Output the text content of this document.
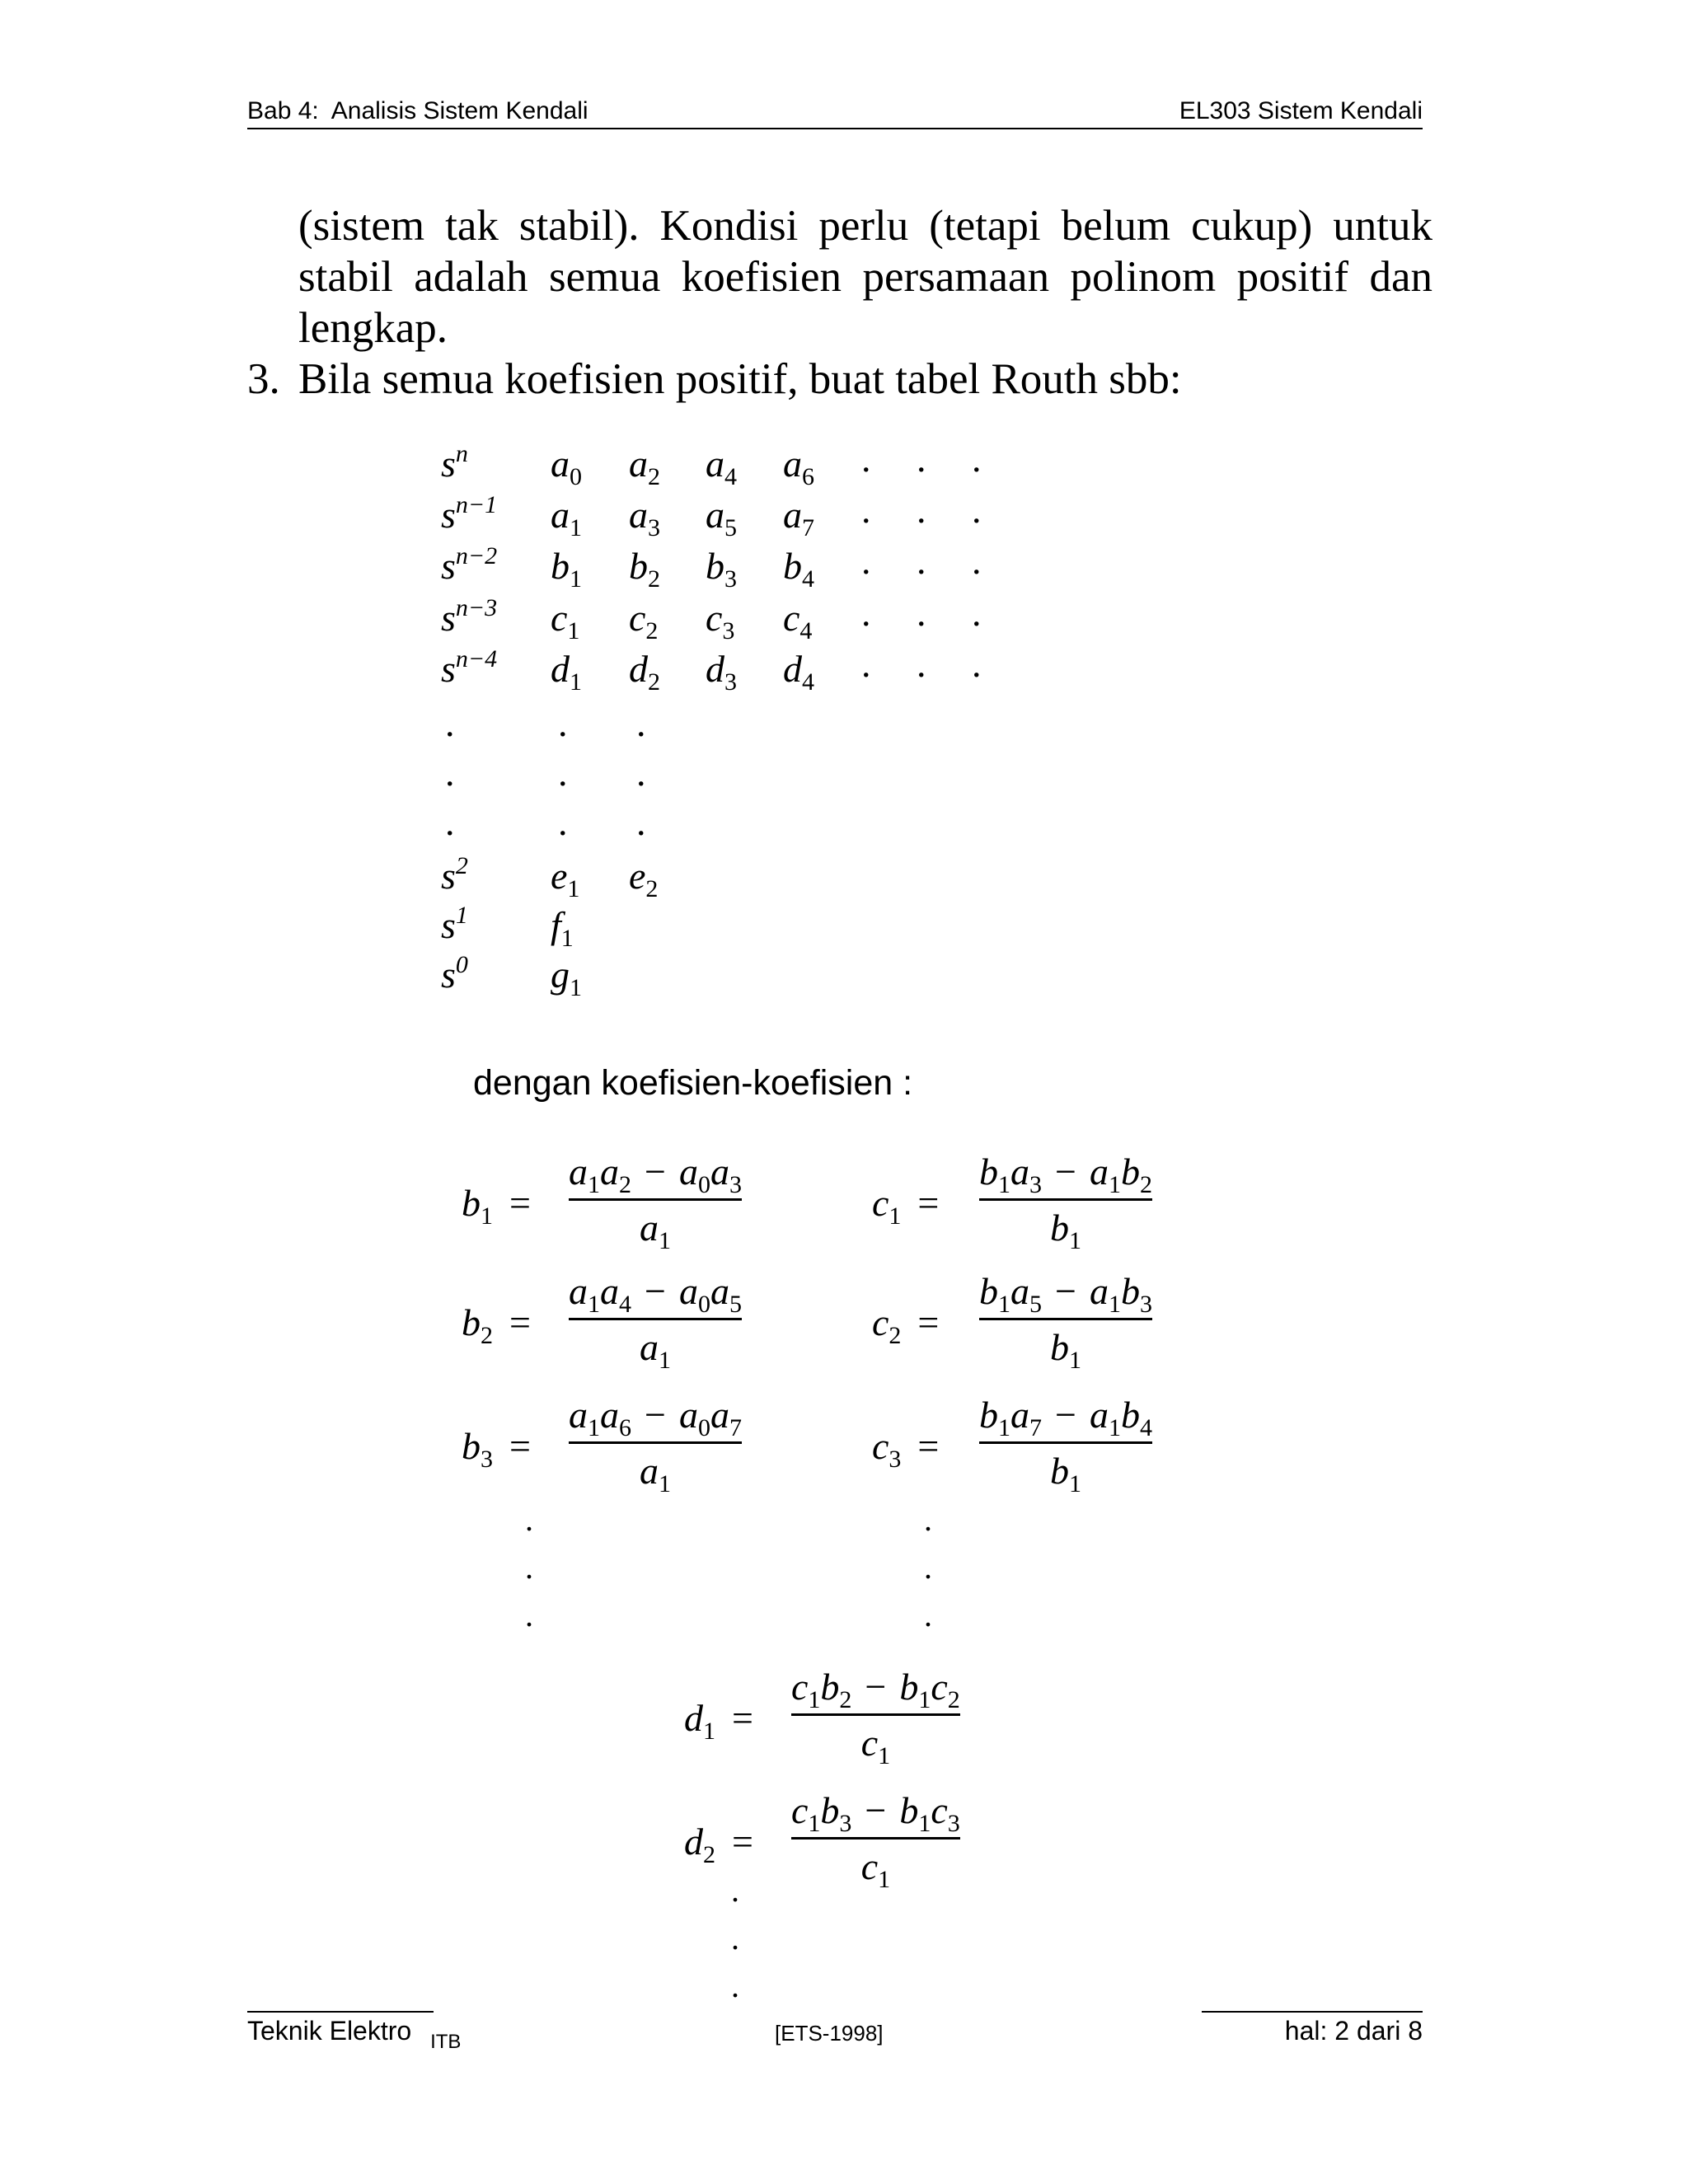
Bab 4:  Analisis Sistem Kendali	EL303 Sistem Kendali
(sistem tak stabil). Kondisi perlu (tetapi belum cukup) untuk stabil adalah semua koefisien persamaan polinom positif dan lengkap.
3. Bila semua koefisien positif, buat tabel Routh sbb:
$s^n$ $a_0$ $a_2$ $a_4$ $a_6$ . . .
$s^{n-1}$ $a_1$ $a_3$ $a_5$ $a_7$ . . .
$s^{n-2}$ $b_1$ $b_2$ $b_3$ $b_4$ . . .
$s^{n-3}$ $c_1$ $c_2$ $c_3$ $c_4$ . . .
$s^{n-4}$ $d_1$ $d_2$ $d_3$ $d_4$ . . .
$s^2$ $e_1$ $e_2$
$s^1$ $f_1$
$s^0$ $g_1$
.	. .
.	. .
.	. .
dengan koefisien-koefisien :
$b_1$ =
$a_1a_2 - a_0a_3$
$a_1$
$b_2$ =
$a_1a_4 - a_0a_5$
$a_1$
$b_3$ =
$a_1a_6 - a_0a_7$
$a_1$
$c_1$ =
$b_1a_3 - a_1b_2$
$b_1$
$c_2$ =
$b_1a_5 - a_1b_3$
$b_1$
$c_3$ =
$b_1a_7 - a_1b_4$
$b_1$
$d_1$ =
$c_1b_2 - b_1c_2$
$c_1$
$d_2$ =
$c_1b_3 - b_1c_3$
$c_1$
.
.
.
.
.
.
.
.
.
Teknik Elektro $_{ITB}$	[ETS-1998]	hal: 2 dari 8
